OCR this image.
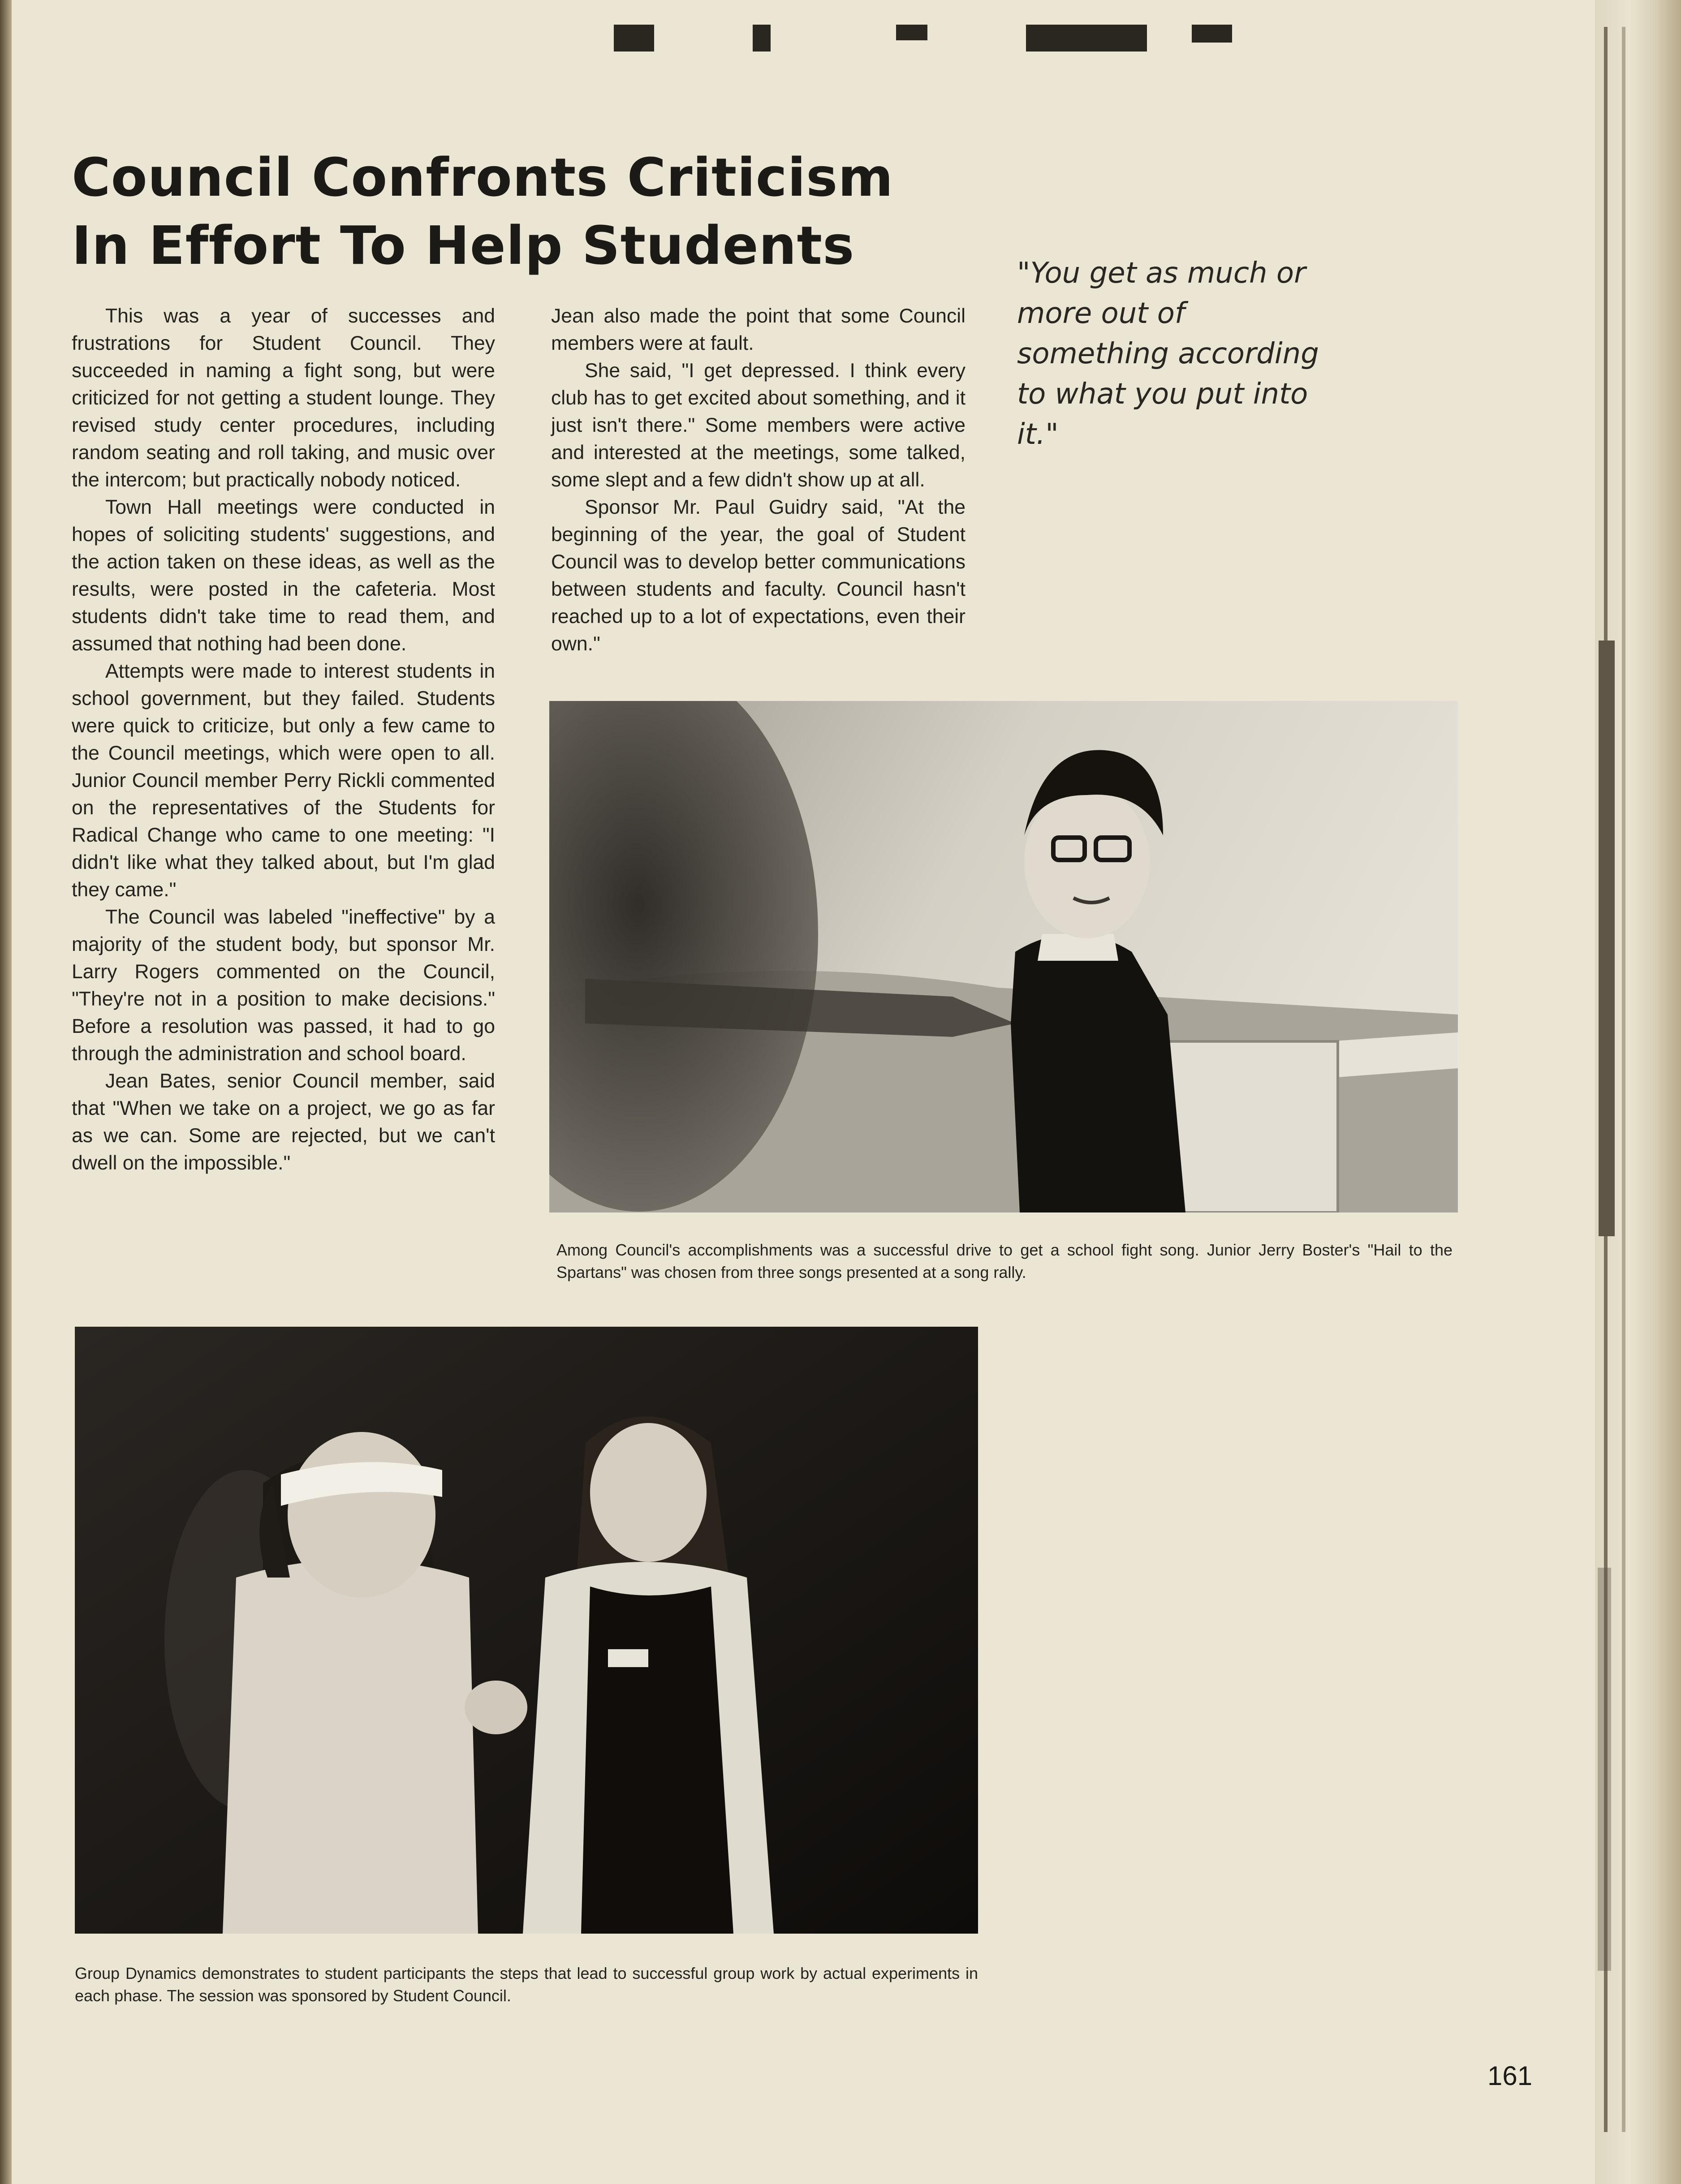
Council Confronts Criticism
In Effort To Help Students	"You get as much or more out of something according to what you put into it."

This was a year of successes and frustrations for Student Council. They succeeded in naming a fight song, but were criticized for not getting a student lounge. They revised study center procedures, including random seating and roll taking, and music over the intercom; but practically nobody noticed.

Town Hall meetings were conducted in hopes of soliciting students' suggestions, and the action taken on these ideas, as well as the results, were posted in the cafeteria. Most students didn't take time to read them, and assumed that nothing had been done.

Attempts were made to interest students in school government, but they failed. Students were quick to criticize, but only a few came to the Council meetings, which were open to all. Junior Council member Perry Rickli commented on the representatives of the Students for Radical Change who came to one meeting: "I didn't like what they talked about, but I'm glad they came."

The Council was labeled "ineffective" by a majority of the student body, but sponsor Mr. Larry Rogers commented on the Council, "They're not in a position to make decisions." Before a resolution was passed, it had to go through the administration and school board.

Jean Bates, senior Council member, said that "When we take on a project, we go as far as we can. Some are rejected, but we can't dwell on the impossible."

Jean also made the point that some Council members were at fault.

She said, "I get depressed. I think every club has to get excited about something, and it just isn't there." Some members were active and interested at the meetings, some talked, some slept and a few didn't show up at all.

Sponsor Mr. Paul Guidry said, "At the beginning of the year, the goal of Student Council was to develop better communications between students and faculty. Council hasn't reached up to a lot of expectations, even their own."

Among Council's accomplishments was a successful drive to get a school fight song. Junior Jerry Boster's "Hail to the Spartans" was chosen from three songs presented at a song rally.
Group Dynamics demonstrates to student participants the steps that lead to successful group work by actual experiments in each phase. The session was sponsored by Student Council.
161
